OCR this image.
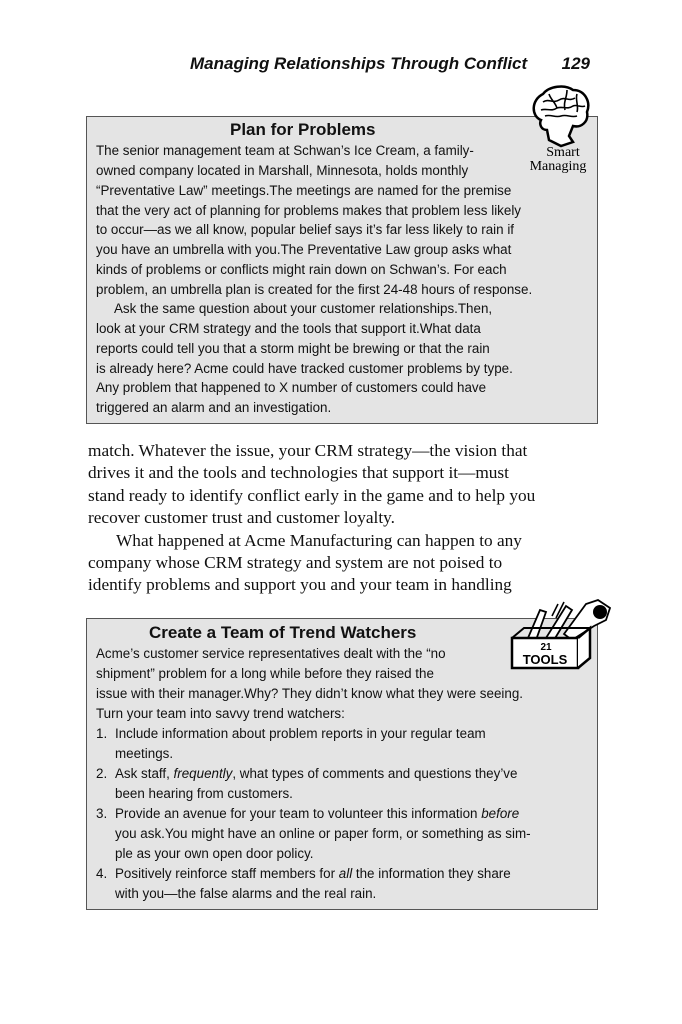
Managing Relationships Through Conflict 129
Plan for Problems
The senior management team at Schwan’s Ice Cream, a family-
owned company located in Marshall, Minnesota, holds monthly
“Preventative Law” meetings.The meetings are named for the premise
that the very act of planning for problems makes that problem less likely
to occur—as we all know, popular belief says it’s far less likely to rain if
you have an umbrella with you.The Preventative Law group asks what
kinds of problems or conflicts might rain down on Schwan’s. For each
problem, an umbrella plan is created for the first 24-48 hours of response.
Ask the same question about your customer relationships.Then,
look at your CRM strategy and the tools that support it.What data
reports could tell you that a storm might be brewing or that the rain
is already here? Acme could have tracked customer problems by type.
Any problem that happened to X number of customers could have
triggered an alarm and an investigation.
Smart
Managing
match. Whatever the issue, your CRM strategy—the vision that
drives it and the tools and technologies that support it—must
stand ready to identify conflict early in the game and to help you
recover customer trust and customer loyalty.
What happened at Acme Manufacturing can happen to any
company whose CRM strategy and system are not poised to
identify problems and support you and your team in handling
Create a Team of Trend Watchers
Acme’s customer service representatives dealt with the “no
shipment” problem for a long while before they raised the
issue with their manager.Why? They didn’t know what they were seeing.
Turn your team into savvy trend watchers:
1. Include information about problem reports in your regular team
meetings.
2. Ask staff, frequently, what types of comments and questions they’ve
been hearing from customers.
3. Provide an avenue for your team to volunteer this information before
you ask.You might have an online or paper form, or something as sim-
ple as your own open door policy.
4. Positively reinforce staff members for all the information they share
with you—the false alarms and the real rain.
21
TOOLS
